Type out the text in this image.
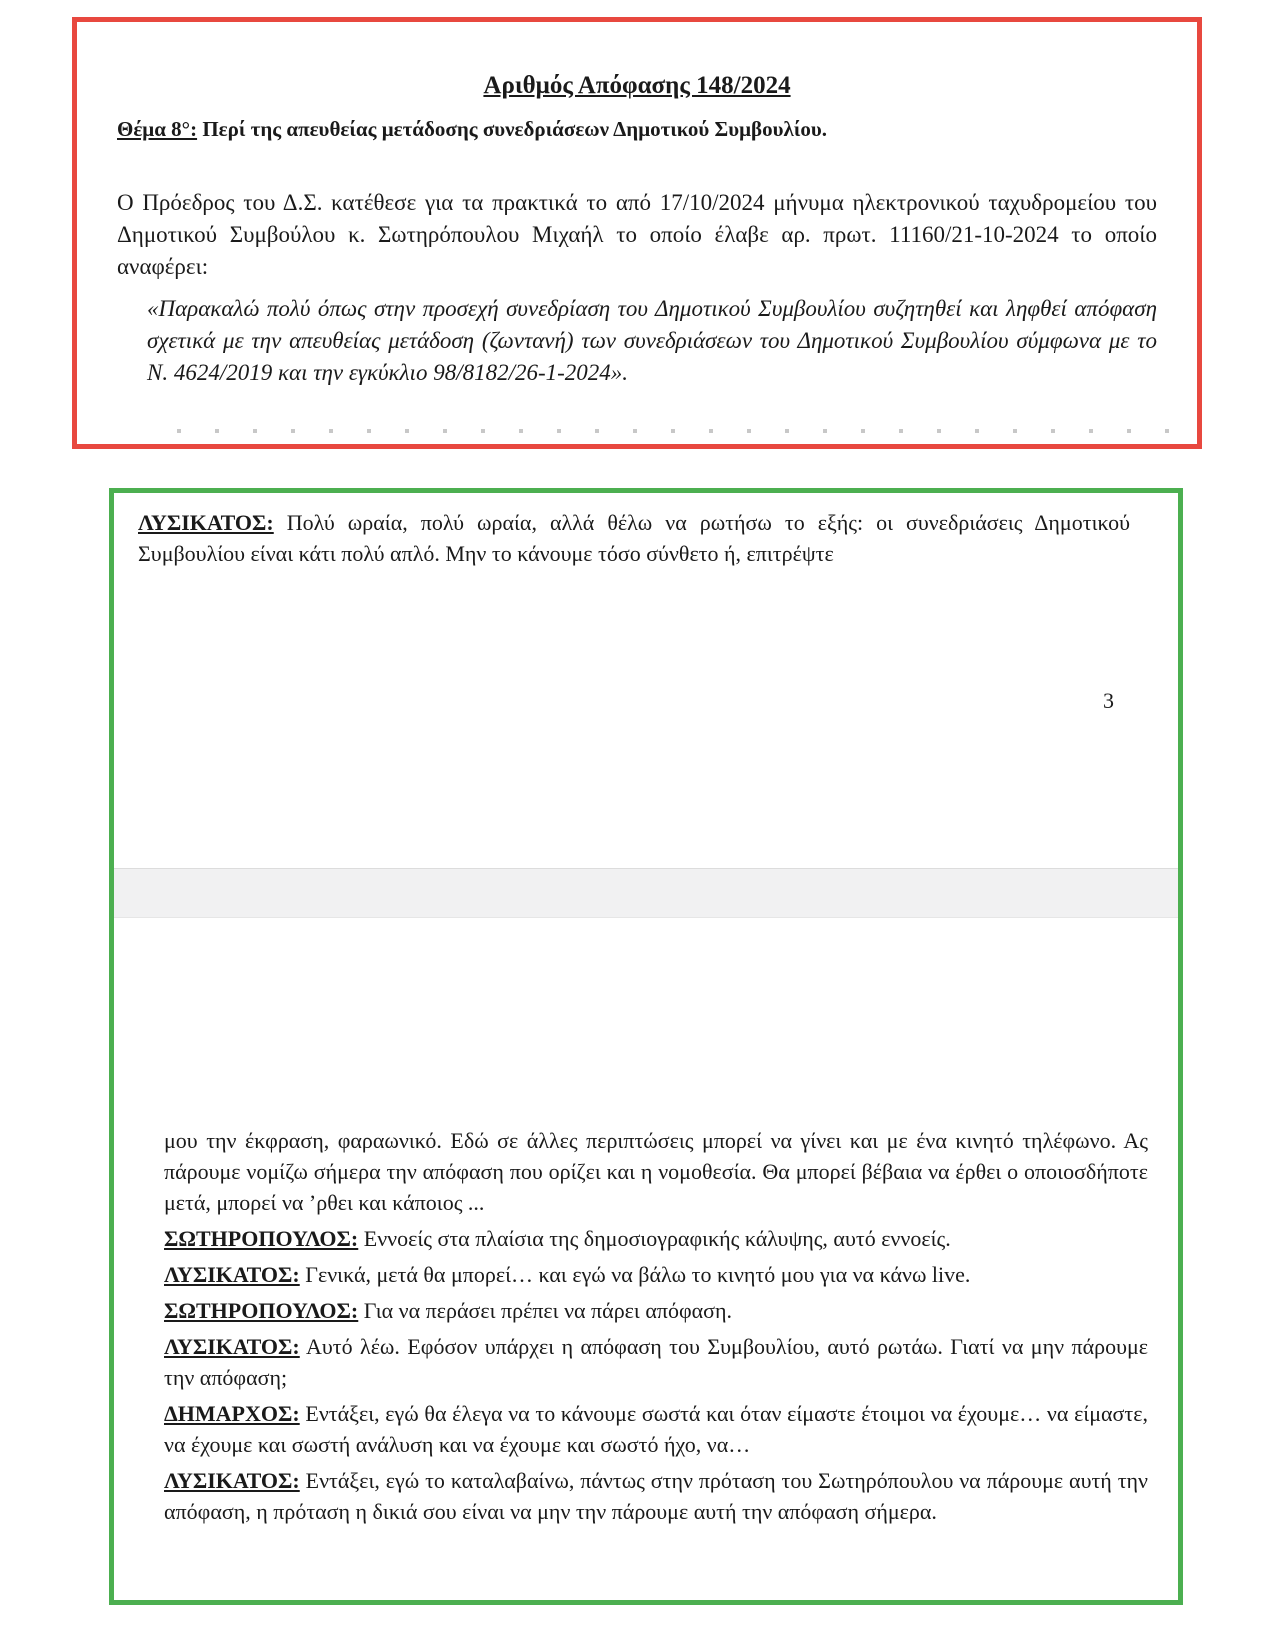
Αριθμός Απόφασης 148/2024

Θέμα 8°: Περί της απευθείας μετάδοσης συνεδριάσεων Δημοτικού Συμβουλίου.

Ο Πρόεδρος του Δ.Σ. κατέθεσε για τα πρακτικά το από 17/10/2024 μήνυμα ηλεκτρονικού ταχυδρομείου του Δημοτικού Συμβούλου κ. Σωτηρόπουλου Μιχαήλ το οποίο έλαβε αρ. πρωτ. 11160/21-10-2024 το οποίο αναφέρει:

«Παρακαλώ πολύ όπως στην προσεχή συνεδρίαση του Δημοτικού Συμβουλίου συζητηθεί και ληφθεί απόφαση σχετικά με την απευθείας μετάδοση (ζωντανή) των συνεδριάσεων του Δημοτικού Συμβουλίου σύμφωνα με το Ν. 4624/2019 και την εγκύκλιο 98/8182/26-1-2024».

ΛΥΣΙΚΑΤΟΣ: Πολύ ωραία, πολύ ωραία, αλλά θέλω να ρωτήσω το εξής: οι συνεδριάσεις Δημοτικού Συμβουλίου είναι κάτι πολύ απλό. Μην το κάνουμε τόσο σύνθετο ή, επιτρέψτε

3

μου την έκφραση, φαραωνικό. Εδώ σε άλλες περιπτώσεις μπορεί να γίνει και με ένα κινητό τηλέφωνο. Ας πάρουμε νομίζω σήμερα την απόφαση που ορίζει και η νομοθεσία. Θα μπορεί βέβαια να έρθει ο οποιοσδήποτε μετά, μπορεί να ’ρθει και κάποιος ...

ΣΩΤΗΡΟΠΟΥΛΟΣ: Εννοείς στα πλαίσια της δημοσιογραφικής κάλυψης, αυτό εννοείς.

ΛΥΣΙΚΑΤΟΣ: Γενικά, μετά θα μπορεί… και εγώ να βάλω το κινητό μου για να κάνω live.

ΣΩΤΗΡΟΠΟΥΛΟΣ: Για να περάσει πρέπει να πάρει απόφαση.

ΛΥΣΙΚΑΤΟΣ: Αυτό λέω. Εφόσον υπάρχει η απόφαση του Συμβουλίου, αυτό ρωτάω. Γιατί να μην πάρουμε την απόφαση;

ΔΗΜΑΡΧΟΣ: Εντάξει, εγώ θα έλεγα να το κάνουμε σωστά και όταν είμαστε έτοιμοι να έχουμε… να είμαστε, να έχουμε και σωστή ανάλυση και να έχουμε και σωστό ήχο, να…

ΛΥΣΙΚΑΤΟΣ: Εντάξει, εγώ το καταλαβαίνω, πάντως στην πρόταση του Σωτηρόπουλου να πάρουμε αυτή την απόφαση, η πρόταση η δικιά σου είναι να μην την πάρουμε αυτή την απόφαση σήμερα.
